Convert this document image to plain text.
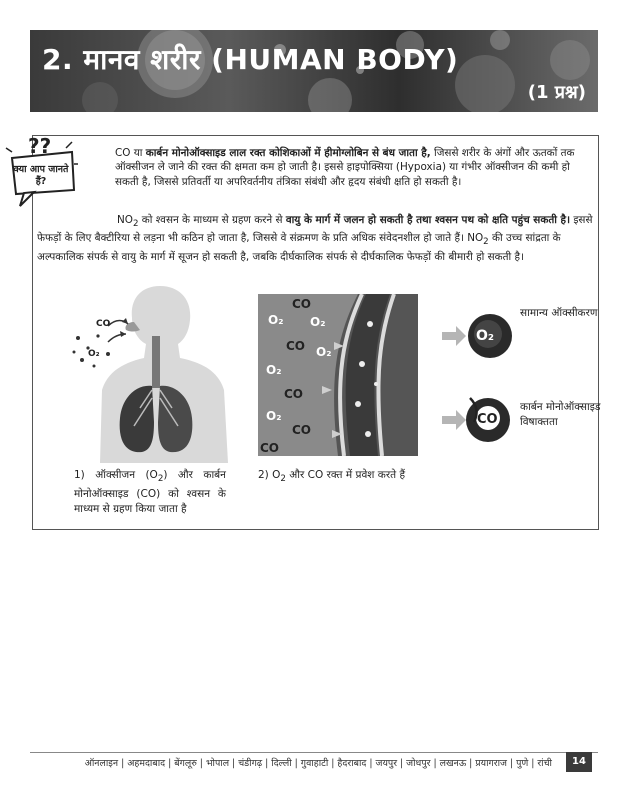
2. मानव शरीर (HUMAN BODY)
(1 प्रश्न)
??
क्या आप जानते हैं?
CO या कार्बन मोनोऑक्साइड लाल रक्त कोशिकाओं में हीमोग्लोबिन से बंध जाता है, जिससे शरीर के अंगों और ऊतकों तक ऑक्सीजन ले जाने की रक्त की क्षमता कम हो जाती है। इससे हाइपोक्सिया (Hypoxia) या गंभीर ऑक्सीजन की कमी हो सकती है, जिससे प्रतिवर्ती या अपरिवर्तनीय तंत्रिका संबंधी और हृदय संबंधी क्षति हो सकती है।
$NO_2$ को श्वसन के माध्यम से ग्रहण करने से वायु के मार्ग में जलन हो सकती है तथा श्वसन पथ को क्षति पहुंच सकती है। इससे फेफड़ों के लिए बैक्टीरिया से लड़ना भी कठिन हो जाता है, जिससे वे संक्रमण के प्रति अधिक संवेदनशील हो जाते हैं। $NO_2$ की उच्च सांद्रता के अल्पकालिक संपर्क से वायु के मार्ग में सूजन हो सकती है, जबकि दीर्घकालिक संपर्क से दीर्घकालिक फेफड़ों की बीमारी हो सकती है।
CO
O₂
1) ऑक्सीजन $(O_2)$ और कार्बन मोनोऑक्साइड (CO) को श्वसन के माध्यम से ग्रहण किया जाता है
CO
O₂ O₂
CO O₂
O₂
CO
O₂
CO
CO
2) $O_2$ और CO रक्त में प्रवेश करते हैं
O₂
सामान्य ऑक्सीकरण
CO
कार्बन मोनोऑक्साइड विषाक्तता
ऑनलाइन | अहमदाबाद | बेंगलूरु | भोपाल | चंडीगढ़ | दिल्ली | गुवाहाटी | हैदराबाद | जयपुर | जोधपुर | लखनऊ | प्रयागराज | पुणे | रांची	14
